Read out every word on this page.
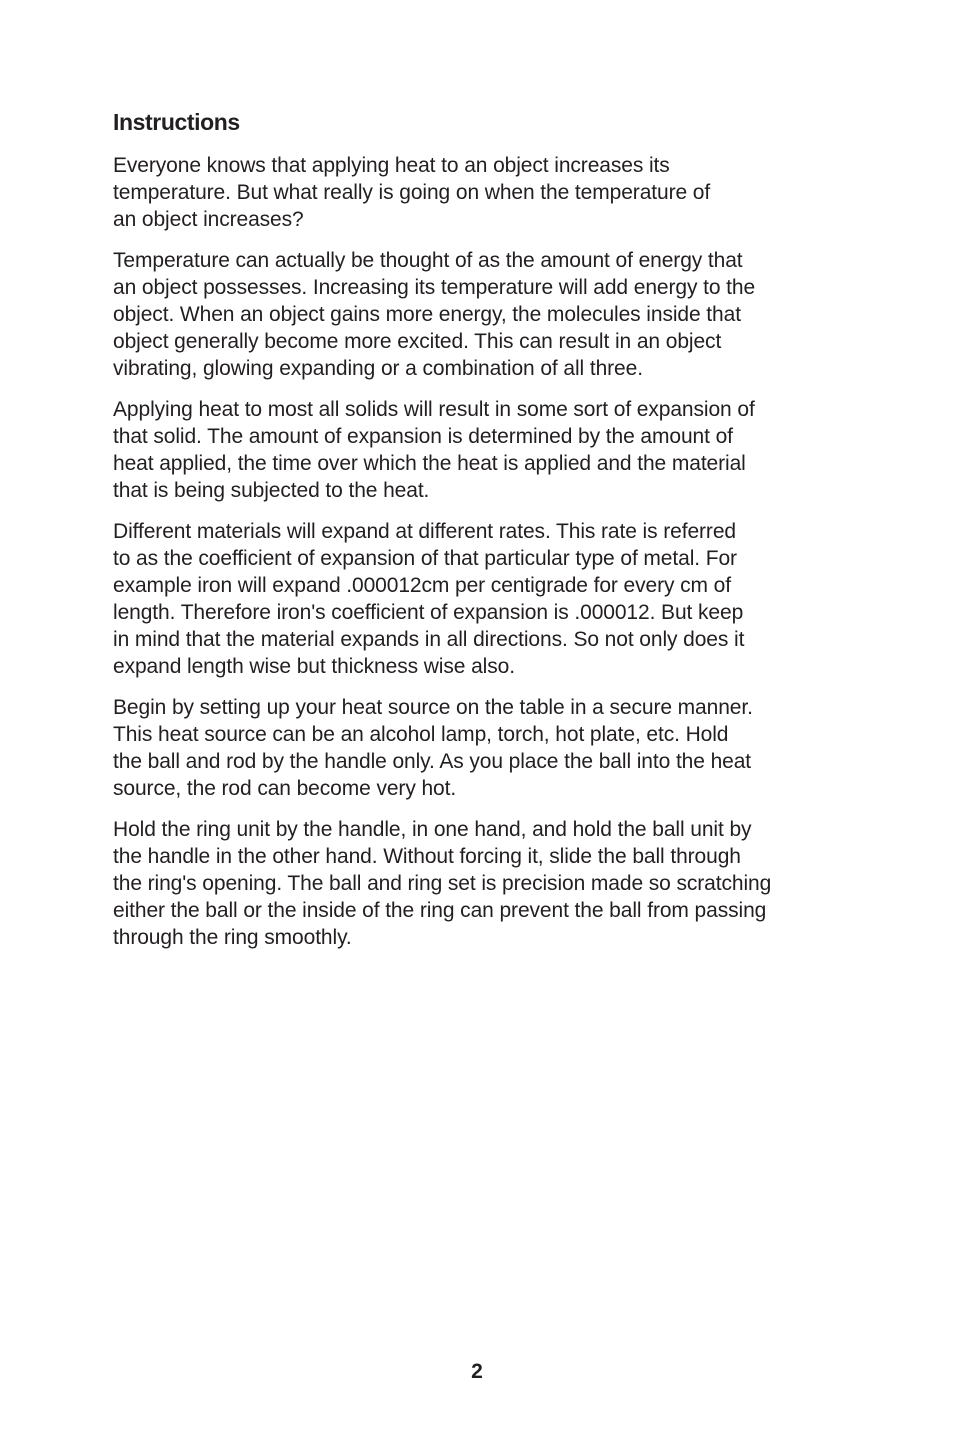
Instructions

Everyone knows that applying heat to an object increases its
temperature. But what really is going on when the temperature of
an object increases?

Temperature can actually be thought of as the amount of energy that
an object possesses. Increasing its temperature will add energy to the
object. When an object gains more energy, the molecules inside that
object generally become more excited. This can result in an object
vibrating, glowing expanding or a combination of all three.

Applying heat to most all solids will result in some sort of expansion of
that solid. The amount of expansion is determined by the amount of
heat applied, the time over which the heat is applied and the material
that is being subjected to the heat.

Different materials will expand at different rates. This rate is referred
to as the coefficient of expansion of that particular type of metal. For
example iron will expand .000012cm per centigrade for every cm of
length. Therefore iron's coefficient of expansion is .000012. But keep
in mind that the material expands in all directions. So not only does it
expand length wise but thickness wise also.

Begin by setting up your heat source on the table in a secure manner.
This heat source can be an alcohol lamp, torch, hot plate, etc. Hold
the ball and rod by the handle only. As you place the ball into the heat
source, the rod can become very hot.

Hold the ring unit by the handle, in one hand, and hold the ball unit by
the handle in the other hand. Without forcing it, slide the ball through
the ring's opening. The ball and ring set is precision made so scratching
either the ball or the inside of the ring can prevent the ball from passing
through the ring smoothly.

2
